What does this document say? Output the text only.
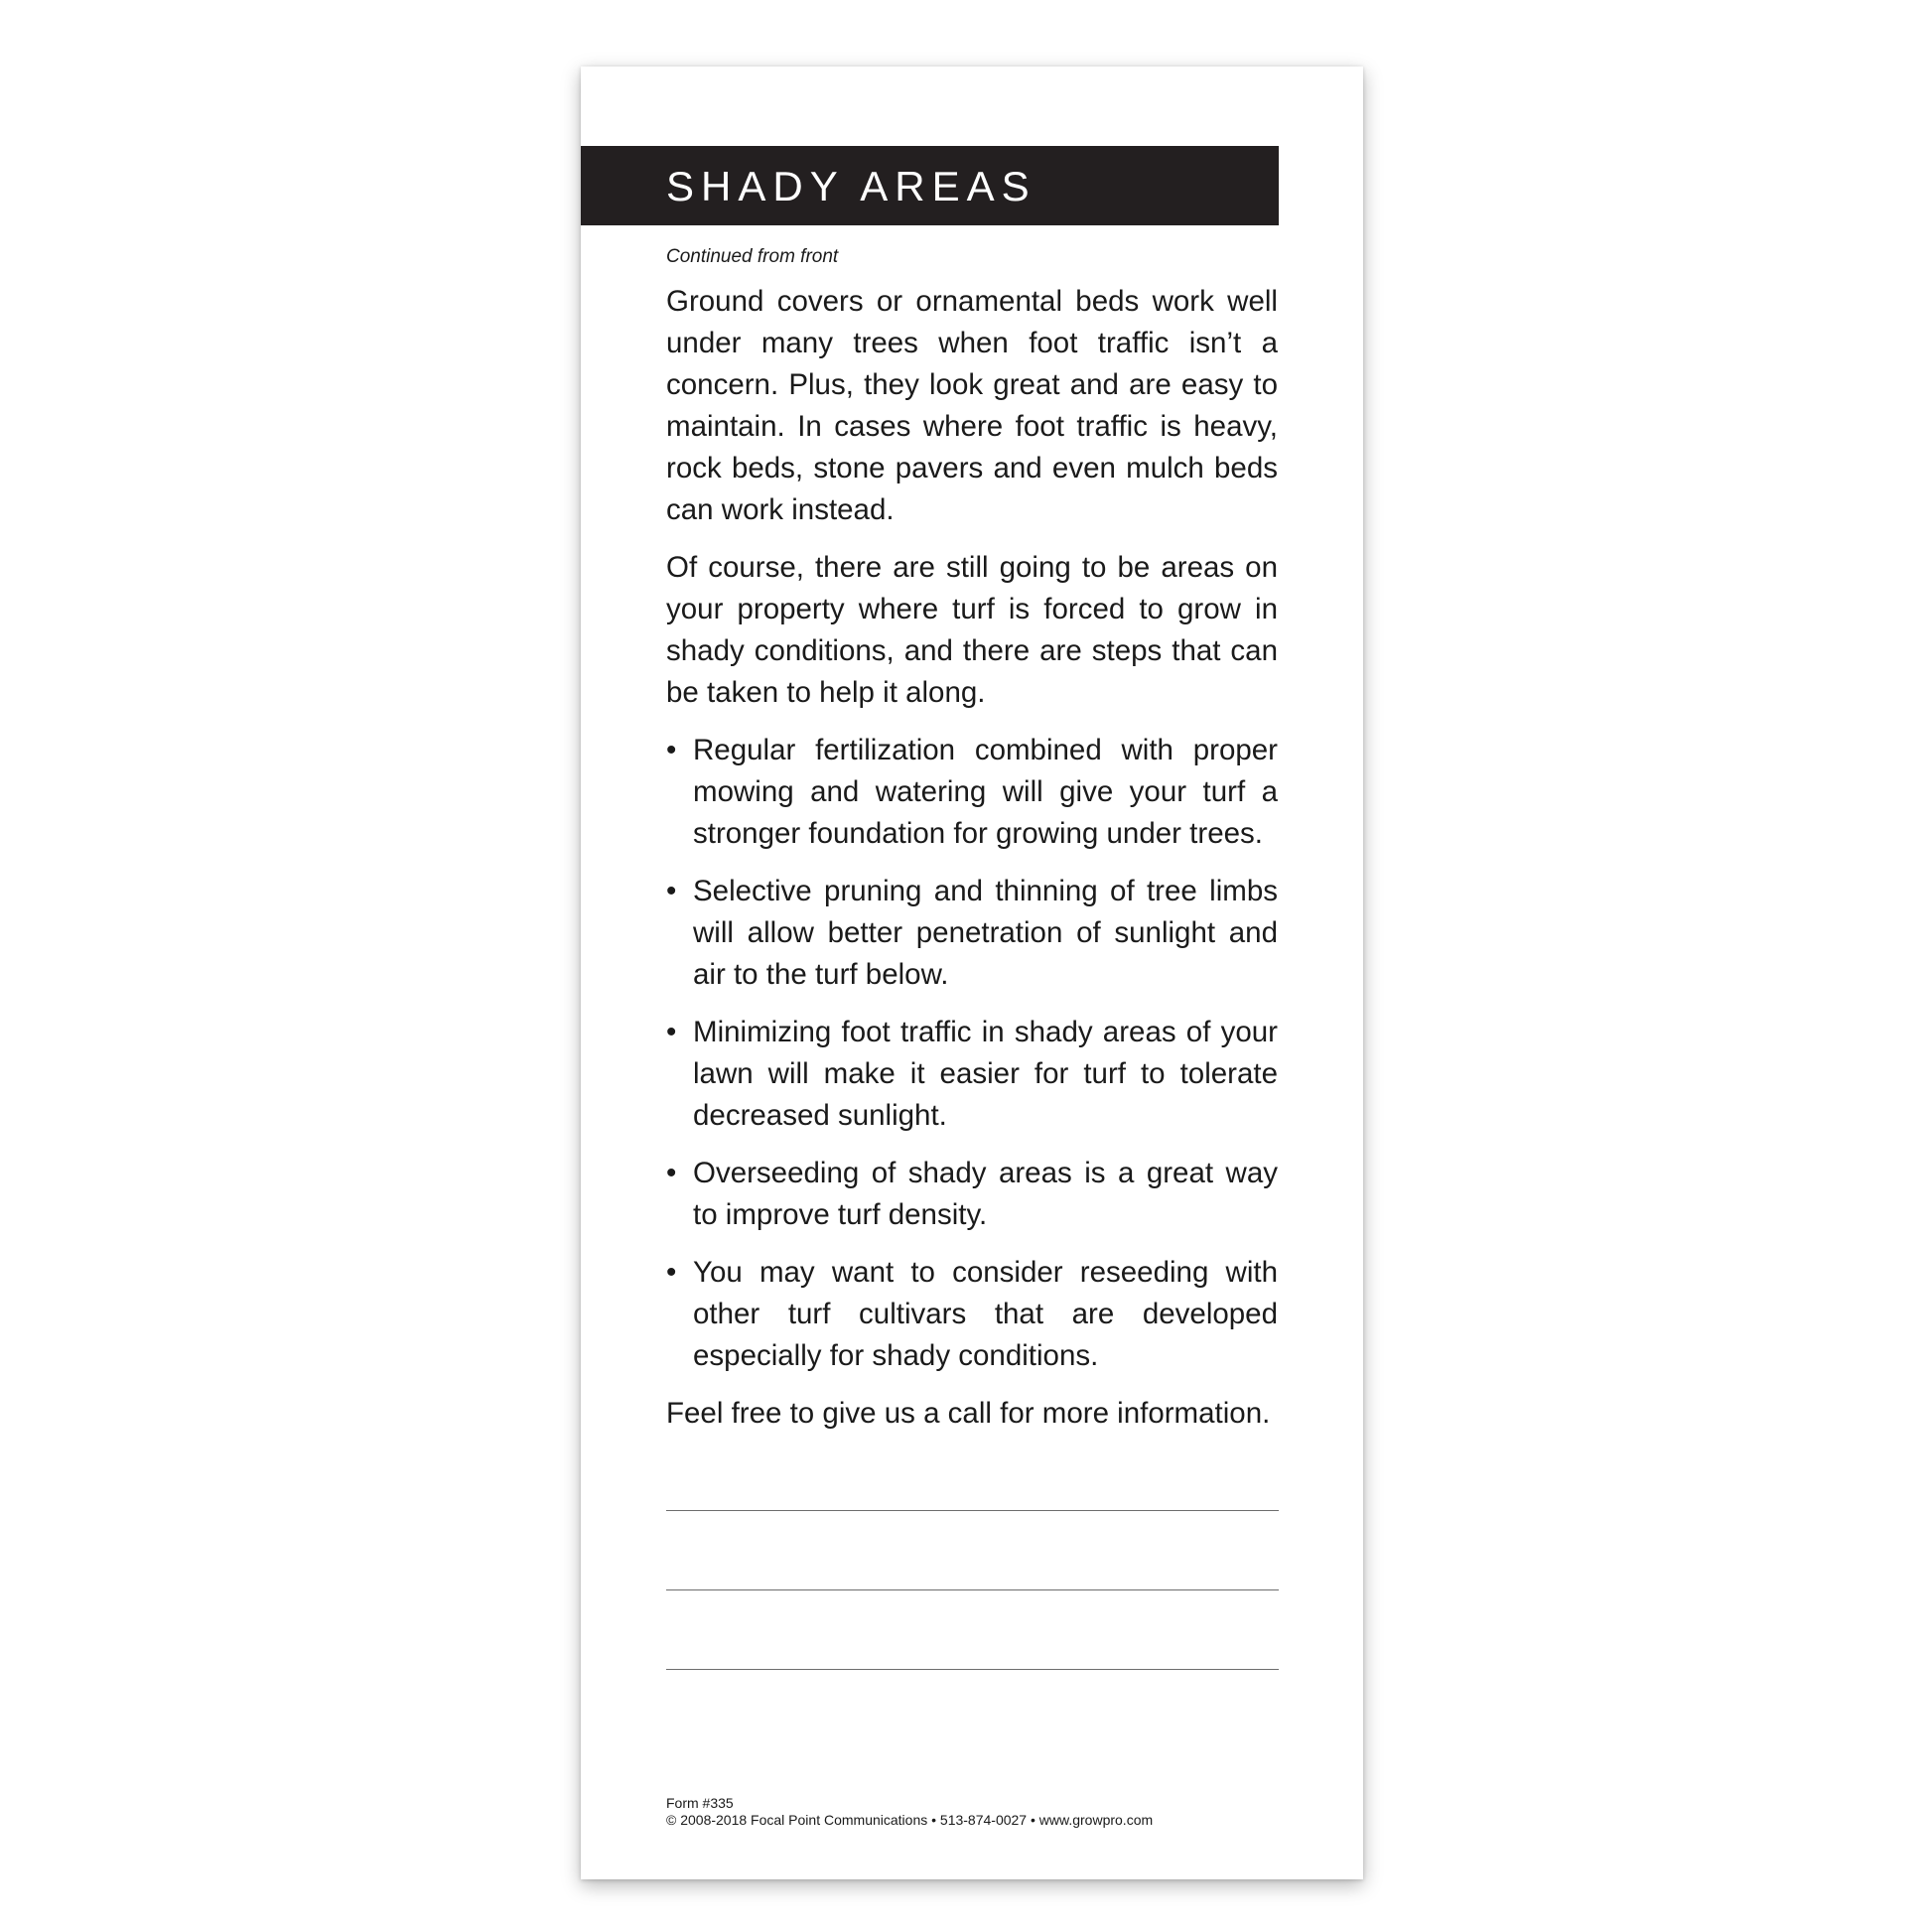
SHADY AREAS

Continued from front

Ground covers or ornamental beds work well under many trees when foot traffic isn’t a concern. Plus, they look great and are easy to maintain. In cases where foot traffic is heavy, rock beds, stone pavers and even mulch beds can work instead.

Of course, there are still going to be areas on your property where turf is forced to grow in shady conditions, and there are steps that can be taken to help it along.

• Regular fertilization combined with proper mowing and watering will give your turf a stronger foundation for growing under trees.
• Selective pruning and thinning of tree limbs will allow better penetration of sunlight and air to the turf below.
• Minimizing foot traffic in shady areas of your lawn will make it easier for turf to tolerate decreased sunlight.
• Overseeding of shady areas is a great way to improve turf density.
• You may want to consider reseeding with other turf cultivars that are developed especially for shady conditions.

Feel free to give us a call for more information.

Form #335
© 2008-2018 Focal Point Communications • 513-874-0027 • www.growpro.com
